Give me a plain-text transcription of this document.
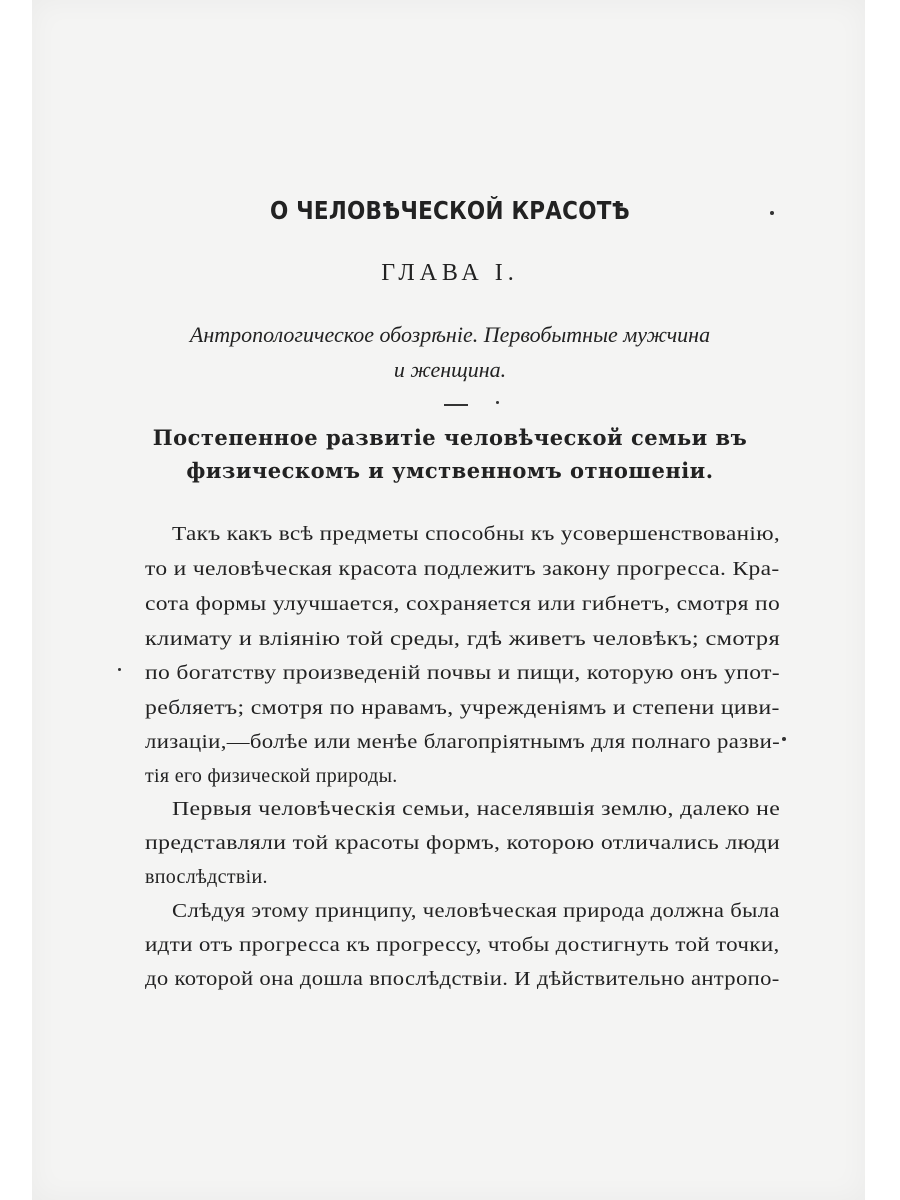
О ЧЕЛОВѢЧЕСКОЙ КРАСОТѢ
ГЛАВА I.
Антропологическое обозрѣніе. Первобытные мужчина
и женщина.
Постепенное развитіе человѣческой семьи въ
физическомъ и умственномъ отношеніи.
Такъ какъ всѣ предметы способны къ усовершенствованію,
то и человѣческая красота подлежитъ закону прогресса. Кра-
сота формы улучшается, сохраняется или гибнетъ, смотря по
климату и вліянію той среды, гдѣ живетъ человѣкъ; смотря
по богатству произведеній почвы и пищи, которую онъ упот-
ребляетъ; смотря по нравамъ, учрежденіямъ и степени циви-
лизаціи,—болѣе или менѣе благопріятнымъ для полнаго разви-
тія его физической природы.
Первыя человѣческія семьи, населявшія землю, далеко не
представляли той красоты формъ, которою отличались люди
впослѣдствіи.
Слѣдуя этому принципу, человѣческая природа должна была
идти отъ прогресса къ прогрессу, чтобы достигнуть той точки,
до которой она дошла впослѣдствіи. И дѣйствительно антропо-
